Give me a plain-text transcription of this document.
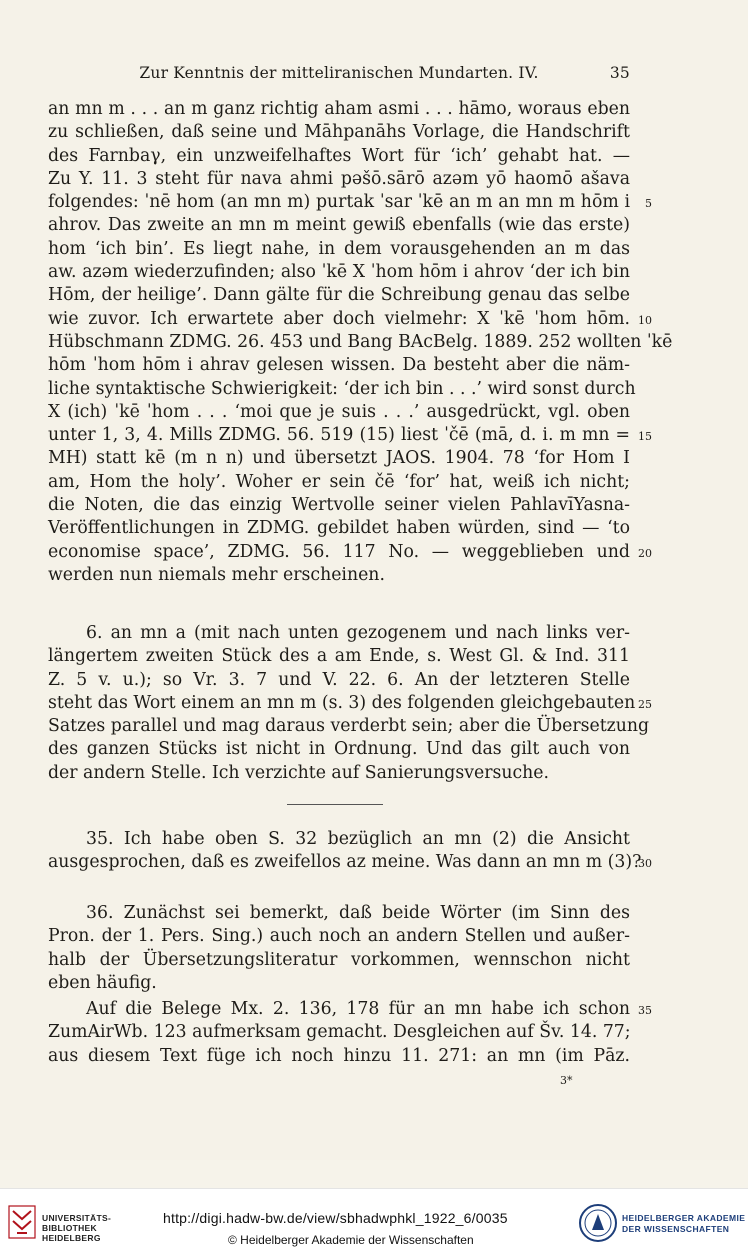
Zur Kenntnis der mitteliranischen Mundarten. IV.	35
an mn m . . . an m ganz richtig aham asmi . . . hāmo, woraus eben
zu schließen, daß seine und Māhpanāhs Vorlage, die Handschrift
des Farnbaγ, ein unzweifelhaftes Wort für ‘ich’ gehabt hat. —
Zu Y. 11. 3 steht für nava ahmi pəšō.sārō azəm yō haomō ašava
folgendes: ˈnē hom (an mn m) purtak ˈsar ˈkē an m an mn m hōm i 5
ahrov. Das zweite an mn m meint gewiß ebenfalls (wie das erste)
hom ‘ich bin’. Es liegt nahe, in dem vorausgehenden an m das
aw. azəm wiederzufinden; also ˈkē X ˈhom hōm i ahrov ‘der ich bin
Hōm, der heilige’. Dann gälte für die Schreibung genau das selbe
wie zuvor. Ich erwartete aber doch vielmehr: X ˈkē ˈhom hōm. 10
Hübschmann ZDMG. 26. 453 und Bang BAcBelg. 1889. 252 wollten ˈkē
hōm ˈhom hōm i ahrav gelesen wissen. Da besteht aber die näm-
liche syntaktische Schwierigkeit: ‘der ich bin . . .’ wird sonst durch
X (ich) ˈkē ˈhom . . . ‘moi que je suis . . .’ ausgedrückt, vgl. oben
unter 1, 3, 4. Mills ZDMG. 56. 519 (15) liest ˈčē (mā, d. i. m mn = 15
MH) statt kē (m n n) und übersetzt JAOS. 1904. 78 ‘for Hom I
am, Hom the holy’. Woher er sein čē ‘for’ hat, weiß ich nicht;
die Noten, die das einzig Wertvolle seiner vielen PahlavīYasna-
Veröffentlichungen in ZDMG. gebildet haben würden, sind — ‘to
economise space’, ZDMG. 56. 117 No. — weggeblieben und 20
werden nun niemals mehr erscheinen.
6. an mn a (mit nach unten gezogenem und nach links ver-
längertem zweiten Stück des a am Ende, s. West Gl. & Ind. 311
Z. 5 v. u.); so Vr. 3. 7 und V. 22. 6. An der letzteren Stelle
steht das Wort einem an mn m (s. 3) des folgenden gleichgebauten 25
Satzes parallel und mag daraus verderbt sein; aber die Übersetzung
des ganzen Stücks ist nicht in Ordnung. Und das gilt auch von
der andern Stelle. Ich verzichte auf Sanierungsversuche.
35. Ich habe oben S. 32 bezüglich an mn (2) die Ansicht
ausgesprochen, daß es zweifellos az meine. Was dann an mn m (3)?
30
36. Zunächst sei bemerkt, daß beide Wörter (im Sinn des
Pron. der 1. Pers. Sing.) auch noch an andern Stellen und außer-
halb der Übersetzungsliteratur vorkommen, wennschon nicht
eben häufig.
Auf die Belege Mx. 2. 136, 178 für an mn habe ich schon 35
ZumAirWb. 123 aufmerksam gemacht. Desgleichen auf Šv. 14. 77;
aus diesem Text füge ich noch hinzu 11. 271: an mn (im Pāz.
3*
UNIVERSITÄTS-
BIBLIOTHEK
HEIDELBERG
http://digi.hadw-bw.de/view/sbhadwphkl_1922_6/0035
© Heidelberger Akademie der Wissenschaften
HEIDELBERGER AKADEMIE
DER WISSENSCHAFTEN
